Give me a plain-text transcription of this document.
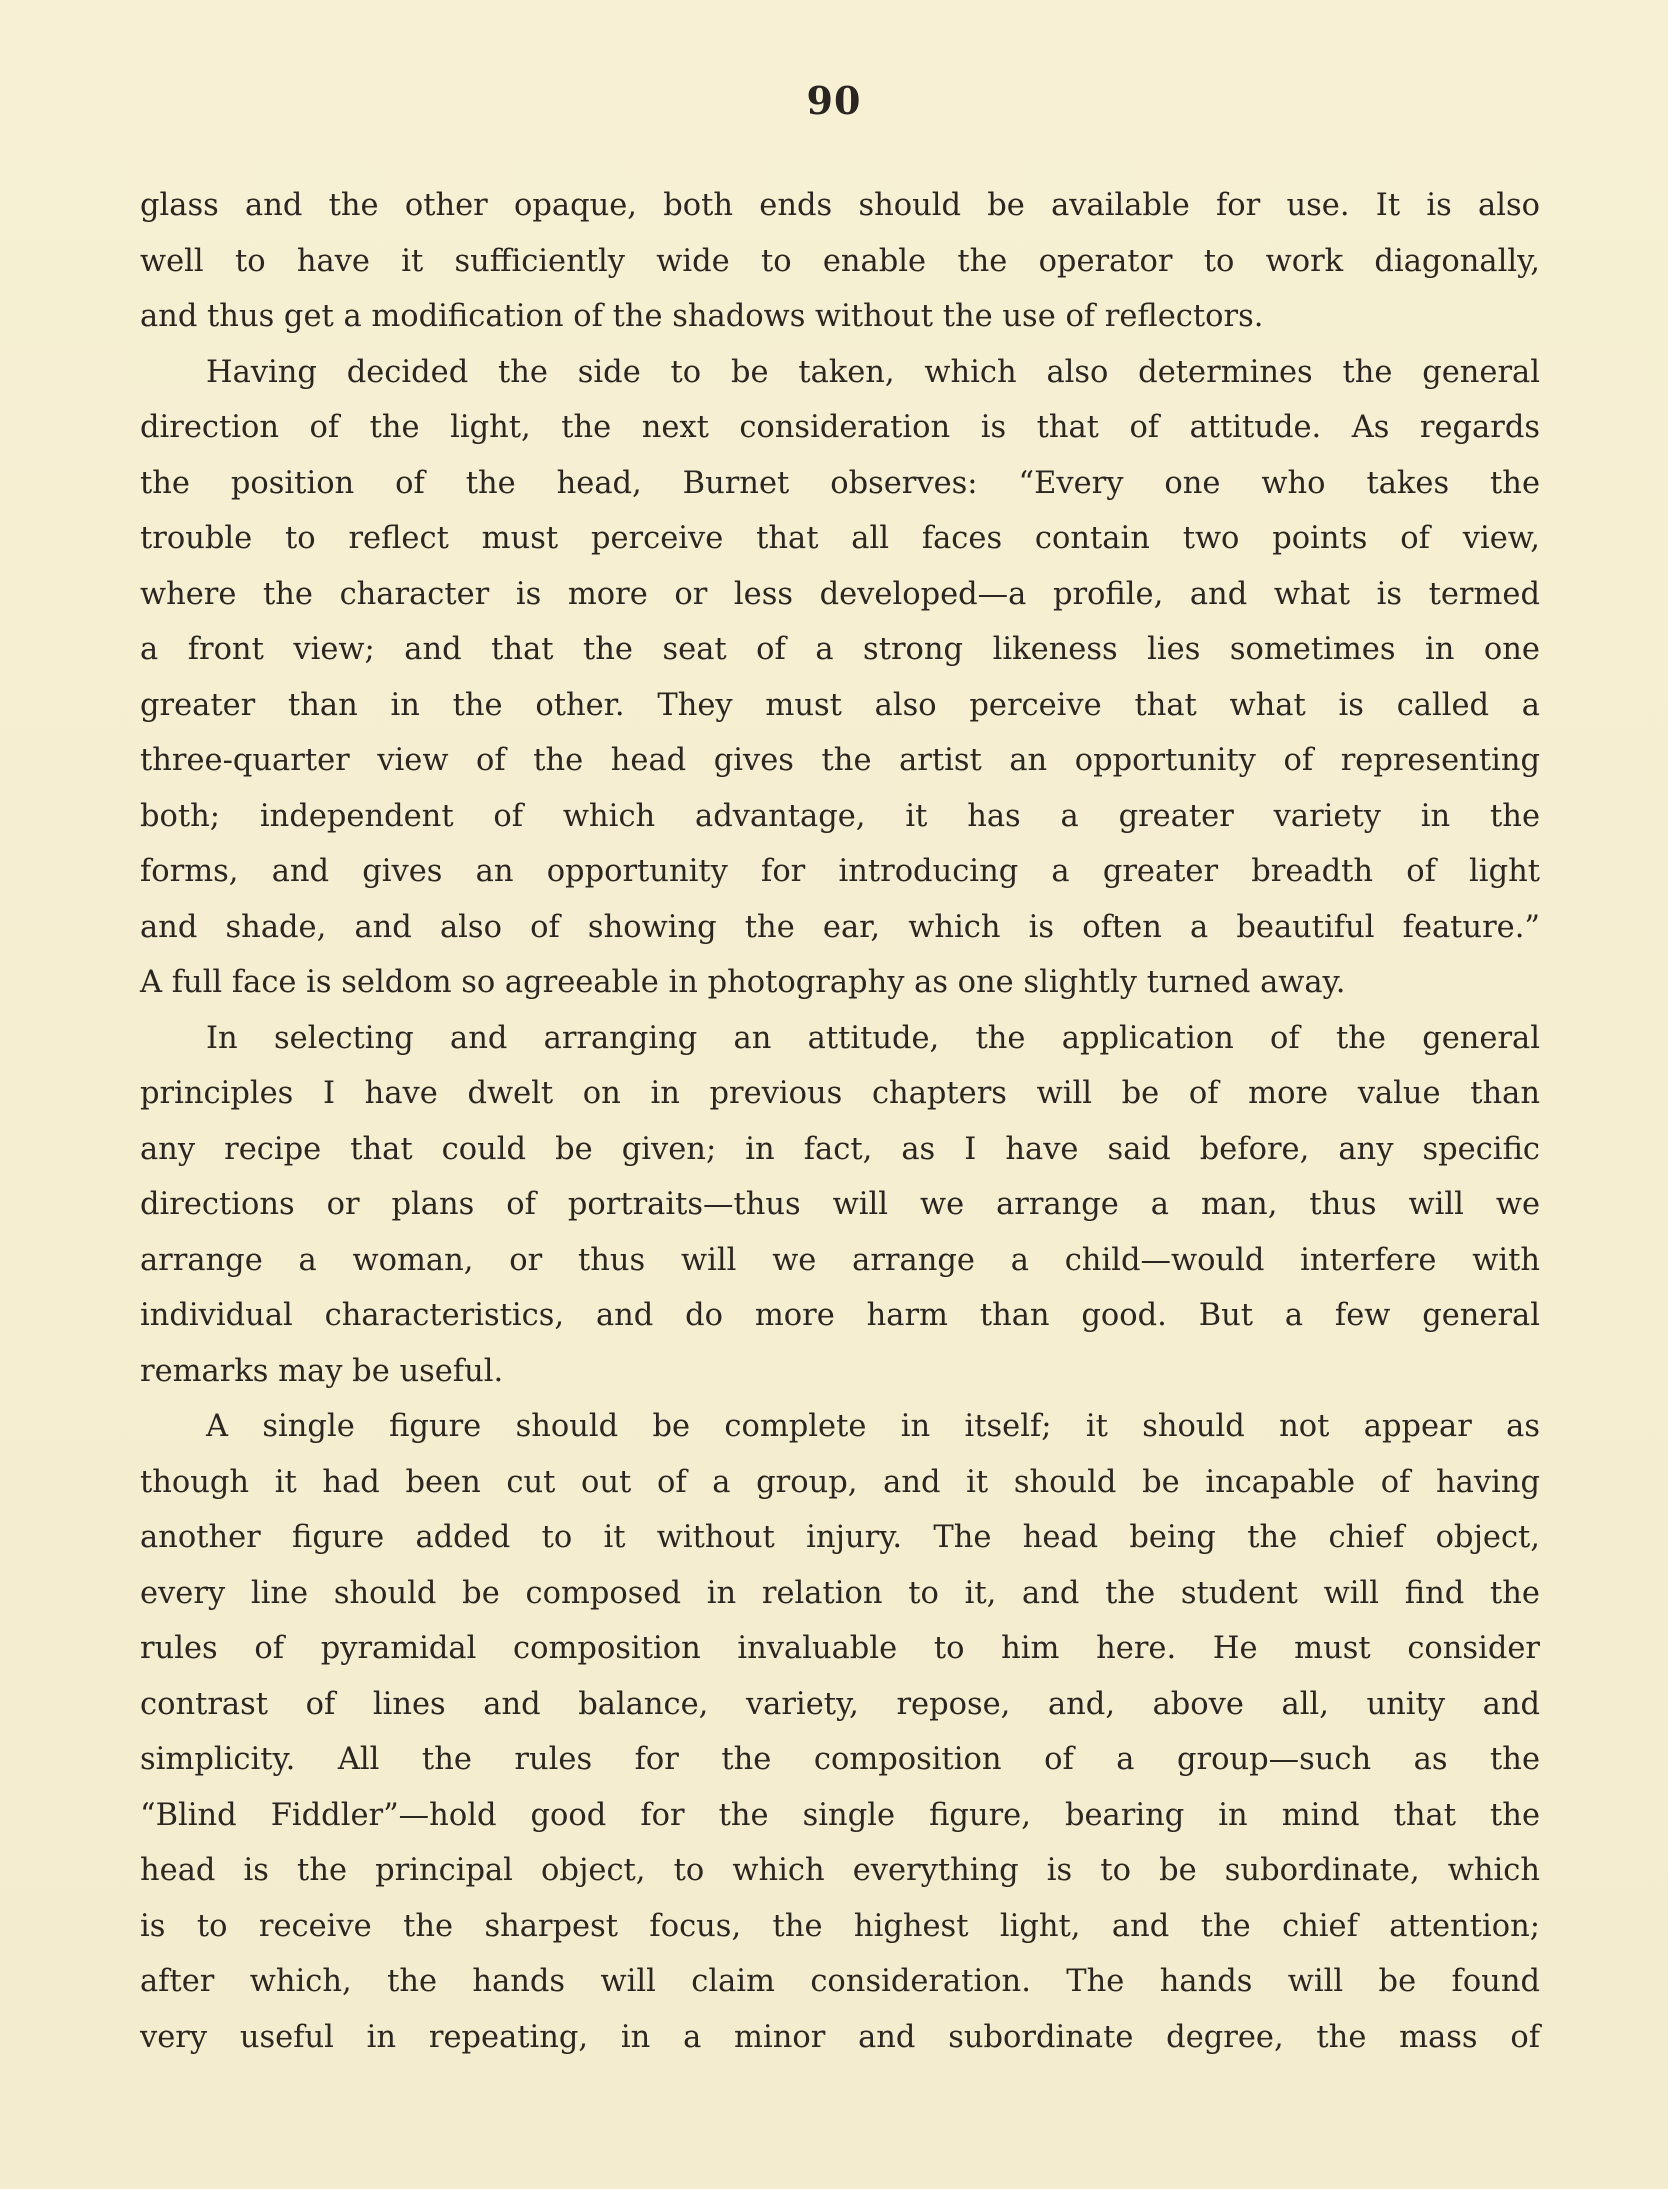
90
glass and the other opaque, both ends should be available for use. It is also
well to have it sufficiently wide to enable the operator to work diagonally,
and thus get a modification of the shadows without the use of reflectors.
Having decided the side to be taken, which also determines the general
direction of the light, the next consideration is that of attitude. As regards
the position of the head, Burnet observes: “Every one who takes the
trouble to reflect must perceive that all faces contain two points of view,
where the character is more or less developed—a profile, and what is termed
a front view; and that the seat of a strong likeness lies sometimes in one
greater than in the other. They must also perceive that what is called a
three-quarter view of the head gives the artist an opportunity of representing
both; independent of which advantage, it has a greater variety in the
forms, and gives an opportunity for introducing a greater breadth of light
and shade, and also of showing the ear, which is often a beautiful feature.”
A full face is seldom so agreeable in photography as one slightly turned away.
In selecting and arranging an attitude, the application of the general
principles I have dwelt on in previous chapters will be of more value than
any recipe that could be given; in fact, as I have said before, any specific
directions or plans of portraits—thus will we arrange a man, thus will we
arrange a woman, or thus will we arrange a child—would interfere with
individual characteristics, and do more harm than good. But a few general
remarks may be useful.
A single figure should be complete in itself; it should not appear as
though it had been cut out of a group, and it should be incapable of having
another figure added to it without injury. The head being the chief object,
every line should be composed in relation to it, and the student will find the
rules of pyramidal composition invaluable to him here. He must consider
contrast of lines and balance, variety, repose, and, above all, unity and
simplicity. All the rules for the composition of a group—such as the
“Blind Fiddler”—hold good for the single figure, bearing in mind that the
head is the principal object, to which everything is to be subordinate, which
is to receive the sharpest focus, the highest light, and the chief attention;
after which, the hands will claim consideration. The hands will be found
very useful in repeating, in a minor and subordinate degree, the mass of
